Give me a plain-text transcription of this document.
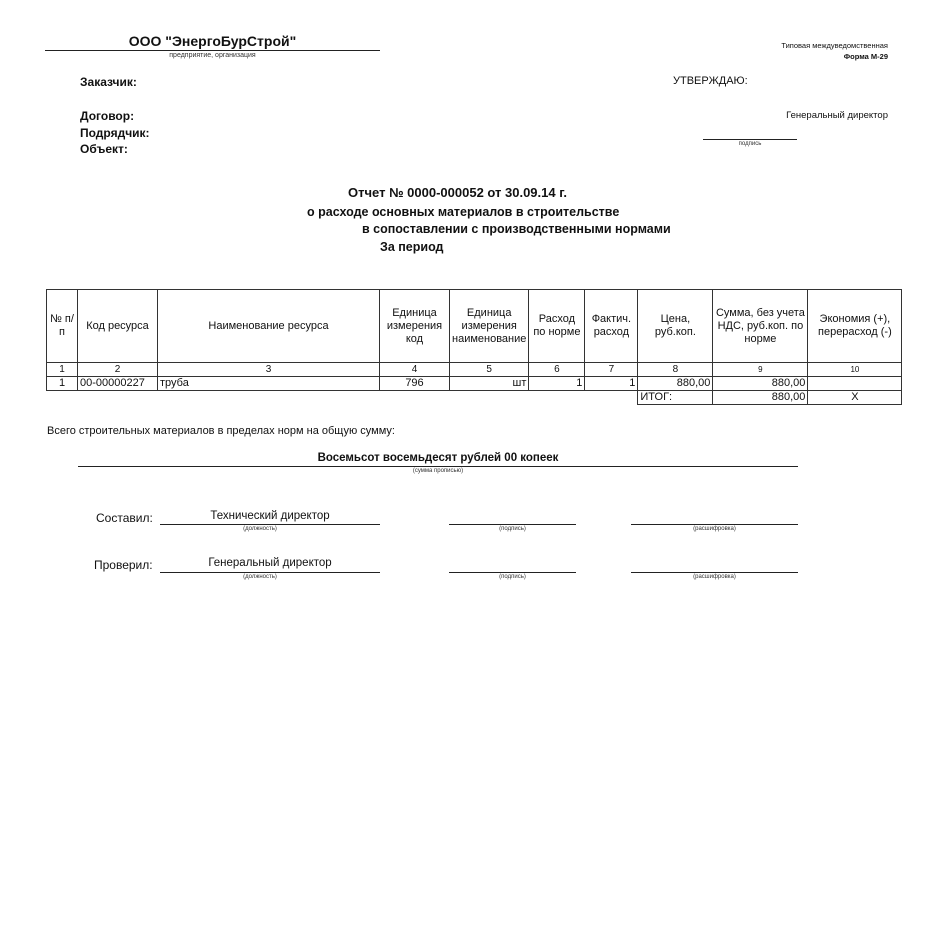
ООО "ЭнергоБурСтрой"
предприятие, организация
Типовая междуведомственная
Форма М-29
Заказчик:
Договор:
Подрядчик:
Объект:
УТВЕРЖДАЮ:
Генеральный директор
подпись
Отчет № 0000-000052 от 30.09.14 г.
о расходе основных материалов в строительстве
в сопоставлении с производственными нормами
За период
№ п/п	Код ресурса	Наименование ресурса	Единица измерения код	Единица измерения наименование	Расход по норме	Фактич. расход	Цена, руб.коп.	Сумма, без учета НДС, руб.коп. по норме	Экономия (+), перерасход (-)
1	2	3	4	5	6	7	8	9	10
1	00-00000227	труба	796	шт	1	1	880,00	880,00	
							ИТОГ:	880,00	X
Всего строительных материалов в пределах норм на общую сумму:
Восемьсот восемьдесят рублей 00 копеек
(сумма прописью)
Составил:	Технический директор
(должность)	(подпись)	(расшифровка)
Проверил:	Генеральный директор
(должность)	(подпись)	(расшифровка)
